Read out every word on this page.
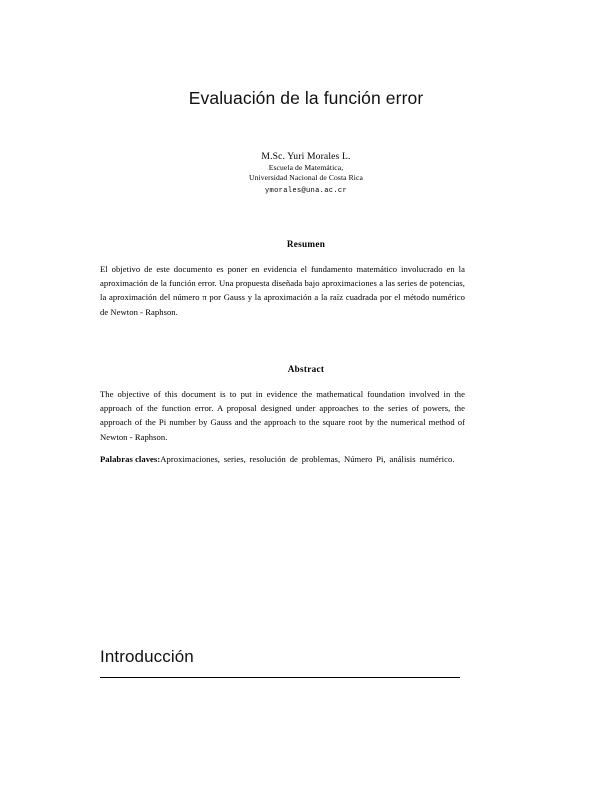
Evaluación de la función error
M.Sc. Yuri Morales L.
Escuela de Matemática,
Universidad Nacional de Costa Rica
ymorales@una.ac.cr
Resumen
El objetivo de este documento es poner en evidencia el fundamento matemático involucrado en la aproximación de la función error. Una propuesta diseñada bajo aproximaciones a las series de potencias, la aproximación del número π por Gauss y la aproximación a la raíz cuadrada por el método numérico de Newton - Raphson.
Abstract
The objective of this document is to put in evidence the mathematical foundation involved in the approach of the function error. A proposal designed under approaches to the series of powers, the approach of the Pi number by Gauss and the approach to the square root by the numerical method of Newton - Raphson.
Palabras claves:Aproximaciones, series, resolución de problemas, Número Pi, análisis numérico.
Introducción
